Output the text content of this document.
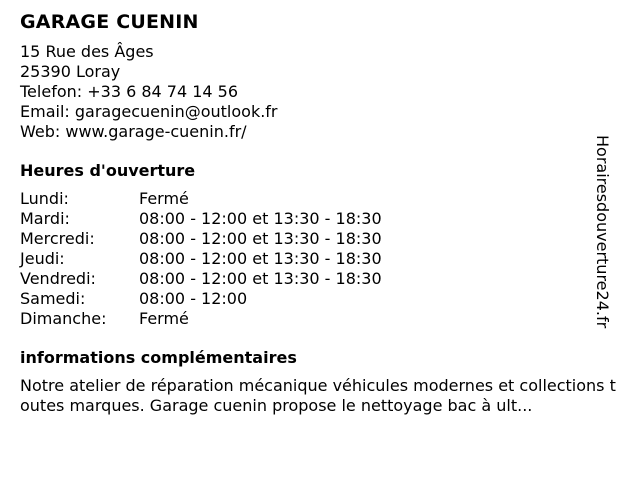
GARAGE CUENIN
15 Rue des Âges
25390 Loray
Telefon: +33 6 84 74 14 56
Email: garagecuenin@outlook.fr
Web: www.garage-cuenin.fr/
Heures d'ouverture
Lundi:	Fermé
Mardi:	08:00 - 12:00 et 13:30 - 18:30
Mercredi:	08:00 - 12:00 et 13:30 - 18:30
Jeudi:	08:00 - 12:00 et 13:30 - 18:30
Vendredi:	08:00 - 12:00 et 13:30 - 18:30
Samedi:	08:00 - 12:00
Dimanche:	Fermé
informations complémentaires
Notre atelier de réparation mécanique véhicules modernes et collections toutes marques. Garage cuenin propose le nettoyage bac à ult...
Horairesdouverture24.fr
